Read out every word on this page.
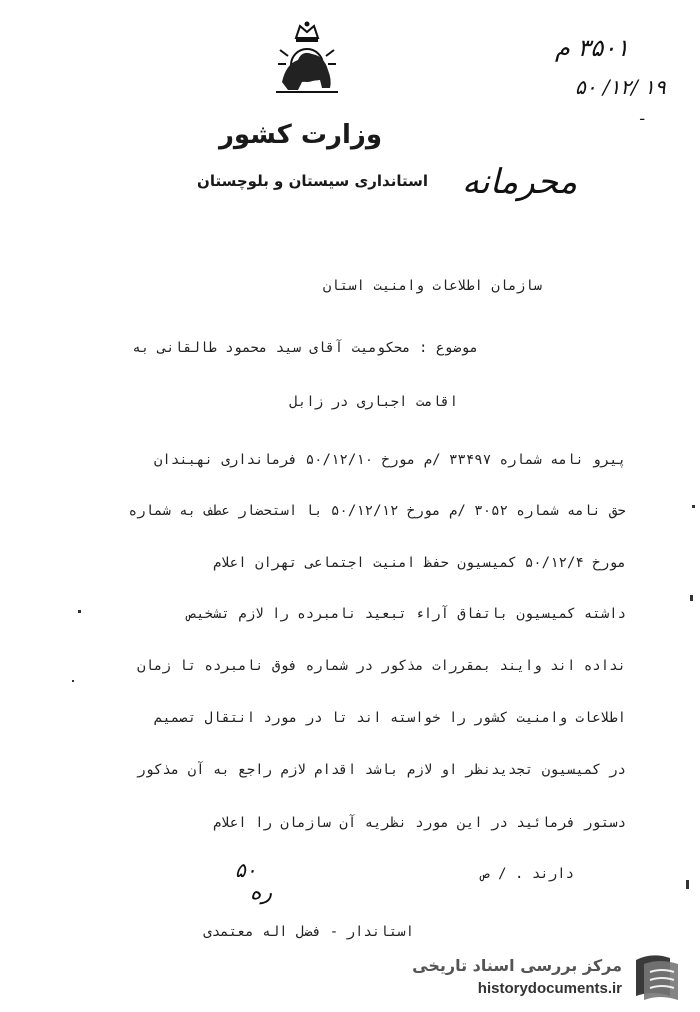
وزارت کشور
استانداری سیستان و بلوچستان محرمانه
۳۵۰۱ م
۵۰ /۱۲/ ۱۹
ـ
سازمان اطلاعات وامنیت استان
موضوع : محکومیت آقای سید محمود طالقانی به
اقامت اجباری در زابل
پیرو نامه شماره ۳۳۴۹۷ /م مورخ ۵۰/۱۲/۱۰ فرمانداری نهبندان
حق نامه شماره ۳۰۵۲ /م مورخ ۵۰/۱۲/۱۲ با استحضار عطف به شماره
مورخ ۵۰/۱۲/۴ کمیسیون حفظ امنیت اجتماعی تهران اعلام
داشته کمیسیون باتفاق آراء تبعید نامبرده را لازم تشخیص
نداده اند وایند بمقررات مذکور در شماره فوق نامبرده تا زمان
اطلاعات وامنیت کشور را خواسته اند تا در مورد انتقال تصمیم
در کمیسیون تجدیدنظر او لازم باشد اقدام لازم راجع به آن مذکور
دستور فرمائید در این مورد نظریه آن سازمان را اعلام
دارند . / ص
۵۰
ره
استاندار - فضل اله معتمدی
مرکز بررسی اسناد تاریخی
historydocuments.ir
